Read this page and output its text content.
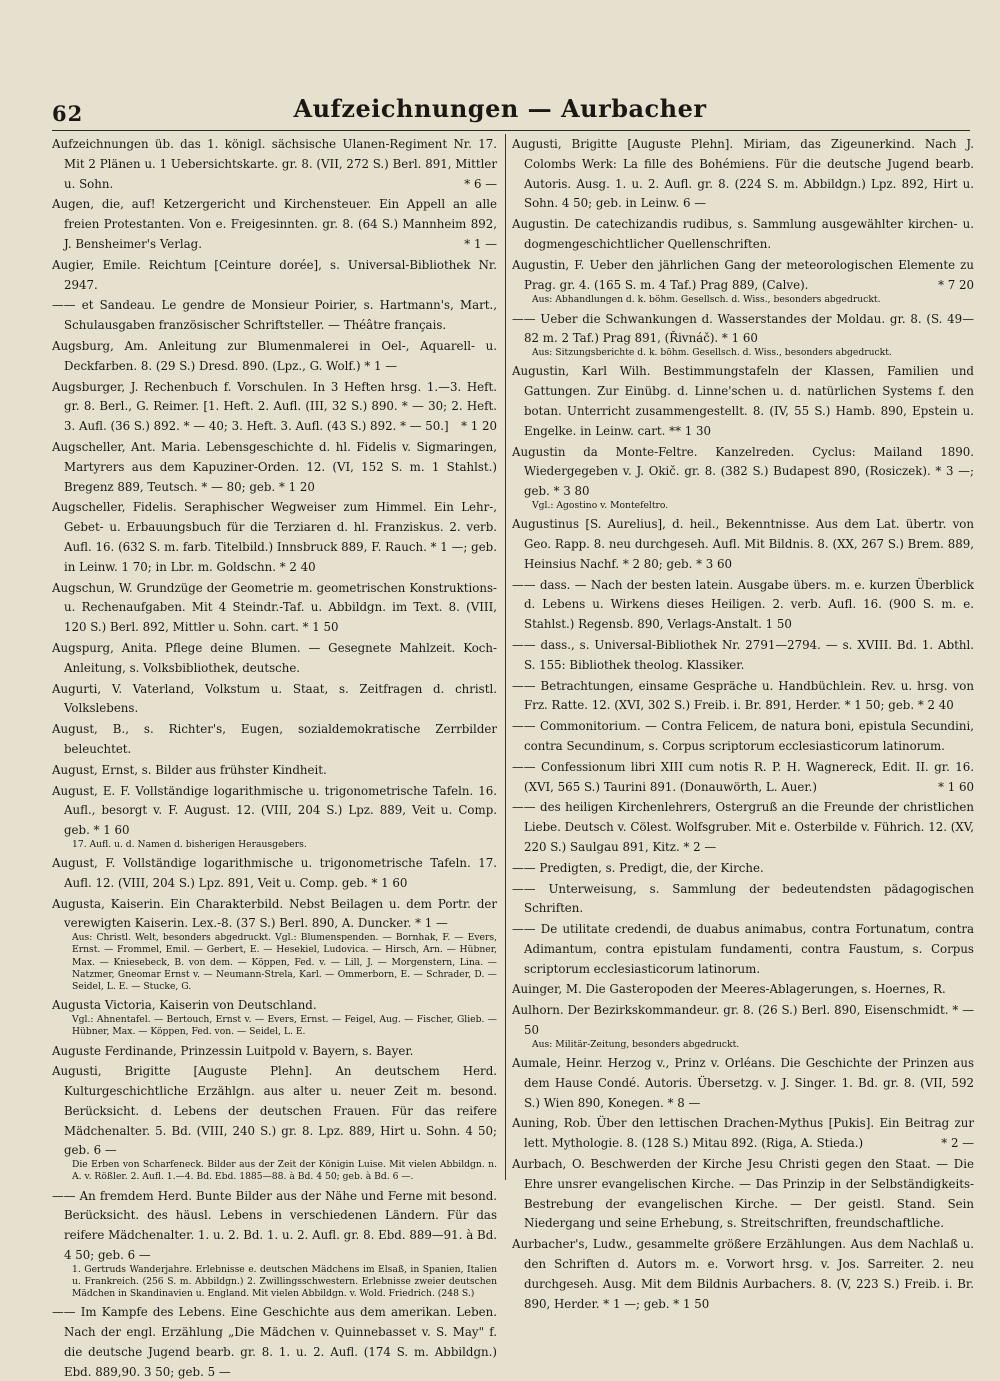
62	Aufzeichnungen — Aurbacher
Aufzeichnungen üb. das 1. königl. sächsische Ulanen-Regiment Nr. 17. Mit 2 Plänen u. 1 Uebersichtskarte. gr. 8. (VII, 272 S.) Berl. 891, Mittler u. Sohn.	* 6 —
Augen, die, auf! Ketzergericht und Kirchensteuer. Ein Appell an alle freien Protestanten. Von e. Freigesinnten. gr. 8. (64 S.) Mannheim 892, J. Bensheimer's Verlag.	* 1 —
Augier, Emile. Reichtum [Ceinture dorée], s. Universal-Bibliothek Nr. 2947.
—— et Sandeau. Le gendre de Monsieur Poirier, s. Hartmann's, Mart., Schulausgaben französischer Schriftsteller. — Théâtre français.
Augsburg, Am. Anleitung zur Blumenmalerei in Oel-, Aquarell- u. Deckfarben. 8. (29 S.) Dresd. 890. (Lpz., G. Wolf.) * 1 —
Augsburger, J. Rechenbuch f. Vorschulen. In 3 Heften hrsg. 1.—3. Heft. gr. 8. Berl., G. Reimer. [1. Heft. 2. Aufl. (III, 32 S.) 890. * — 30; 2. Heft. 3. Aufl. (36 S.) 892. * — 40; 3. Heft. 3. Aufl. (43 S.) 892. * — 50.]	* 1 20
Augscheller, Ant. Maria. Lebensgeschichte d. hl. Fidelis v. Sigmaringen, Martyrers aus dem Kapuziner-Orden. 12. (VI, 152 S. m. 1 Stahlst.) Bregenz 889, Teutsch. * — 80; geb. * 1 20
Augscheller, Fidelis. Seraphischer Wegweiser zum Himmel. Ein Lehr-, Gebet- u. Erbauungsbuch für die Terziaren d. hl. Franziskus. 2. verb. Aufl. 16. (632 S. m. farb. Titelbild.) Innsbruck 889, F. Rauch. * 1 —; geb. in Leinw. 1 70; in Lbr. m. Goldschn. * 2 40
Augschun, W. Grundzüge der Geometrie m. geometrischen Konstruktions- u. Rechenaufgaben. Mit 4 Steindr.-Taf. u. Abbildgn. im Text. 8. (VIII, 120 S.) Berl. 892, Mittler u. Sohn. cart. * 1 50
Augspurg, Anita. Pflege deine Blumen. — Gesegnete Mahlzeit. Koch-Anleitung, s. Volksbibliothek, deutsche.
Augurti, V. Vaterland, Volkstum u. Staat, s. Zeitfragen d. christl. Volkslebens.
August, B., s. Richter's, Eugen, sozialdemokratische Zerrbilder beleuchtet.
August, Ernst, s. Bilder aus frühster Kindheit.
August, E. F. Vollständige logarithmische u. trigonometrische Tafeln. 16. Aufl., besorgt v. F. August. 12. (VIII, 204 S.) Lpz. 889, Veit u. Comp. geb. * 1 60
17. Aufl. u. d. Namen d. bisherigen Herausgebers.
August, F. Vollständige logarithmische u. trigonometrische Tafeln. 17. Aufl. 12. (VIII, 204 S.) Lpz. 891, Veit u. Comp. geb. * 1 60
Augusta, Kaiserin. Ein Charakterbild. Nebst Beilagen u. dem Portr. der verewigten Kaiserin. Lex.-8. (37 S.) Berl. 890, A. Duncker. * 1 —
Aus: Christl. Welt, besonders abgedruckt. Vgl.: Blumenspenden. — Bornhak, F. — Evers, Ernst. — Frommel, Emil. — Gerbert, E. — Hesekiel, Ludovica. — Hirsch, Arn. — Hübner, Max. — Kniesebeck, B. von dem. — Köppen, Fed. v. — Lill, J. — Morgenstern, Lina. — Natzmer, Gneomar Ernst v. — Neumann-Strela, Karl. — Ommerborn, E. — Schrader, D. — Seidel, L. E. — Stucke, G.
Augusta Victoria, Kaiserin von Deutschland.
Vgl.: Ahnentafel. — Bertouch, Ernst v. — Evers, Ernst. — Feigel, Aug. — Fischer, Glieb. — Hübner, Max. — Köppen, Fed. von. — Seidel, L. E.
Auguste Ferdinande, Prinzessin Luitpold v. Bayern, s. Bayer.
Augusti, Brigitte [Auguste Plehn]. An deutschem Herd. Kulturgeschichtliche Erzählgn. aus alter u. neuer Zeit m. besond. Berücksicht. d. Lebens der deutschen Frauen. Für das reifere Mädchenalter. 5. Bd. (VIII, 240 S.) gr. 8. Lpz. 889, Hirt u. Sohn. 4 50; geb. 6 —
Die Erben von Scharfeneck. Bilder aus der Zeit der Königin Luise. Mit vielen Abbildgn. n. A. v. Rößler. 2. Aufl. 1.—4. Bd. Ebd. 1885—88. à Bd. 4 50; geb. à Bd. 6 —.
—— An fremdem Herd. Bunte Bilder aus der Nähe und Ferne mit besond. Berücksicht. des häusl. Lebens in verschiedenen Ländern. Für das reifere Mädchenalter. 1. u. 2. Bd. 1. u. 2. Aufl. gr. 8. Ebd. 889—91. à Bd. 4 50; geb. 6 —
1. Gertruds Wanderjahre. Erlebnisse e. deutschen Mädchens im Elsaß, in Spanien, Italien u. Frankreich. (256 S. m. Abbildgn.) 2. Zwillingsschwestern. Erlebnisse zweier deutschen Mädchen in Skandinavien u. England. Mit vielen Abbildgn. v. Wold. Friedrich. (248 S.)
—— Im Kampfe des Lebens. Eine Geschichte aus dem amerikan. Leben. Nach der engl. Erzählung „Die Mädchen v. Quinnebasset v. S. May" f. die deutsche Jugend bearb. gr. 8. 1. u. 2. Aufl. (174 S. m. Abbildgn.) Ebd. 889,90. 3 50; geb. 5 —
Augusti, Brigitte [Auguste Plehn]. Miriam, das Zigeunerkind. Nach J. Colombs Werk: La fille des Bohémiens. Für die deutsche Jugend bearb. Autoris. Ausg. 1. u. 2. Aufl. gr. 8. (224 S. m. Abbildgn.) Lpz. 892, Hirt u. Sohn. 4 50; geb. in Leinw. 6 —
Augustin. De catechizandis rudibus, s. Sammlung ausgewählter kirchen- u. dogmengeschichtlicher Quellenschriften.
Augustin, F. Ueber den jährlichen Gang der meteorologischen Elemente zu Prag. gr. 4. (165 S. m. 4 Taf.) Prag 889, (Calve).	* 7 20
Aus: Abhandlungen d. k. böhm. Gesellsch. d. Wiss., besonders abgedruckt.
—— Ueber die Schwankungen d. Wasserstandes der Moldau. gr. 8. (S. 49—82 m. 2 Taf.) Prag 891, (Řivnáč). * 1 60
Aus: Sitzungsberichte d. k. böhm. Gesellsch. d. Wiss., besonders abgedruckt.
Augustin, Karl Wilh. Bestimmungstafeln der Klassen, Familien und Gattungen. Zur Einübg. d. Linne'schen u. d. natürlichen Systems f. den botan. Unterricht zusammengestellt. 8. (IV, 55 S.) Hamb. 890, Epstein u. Engelke. in Leinw. cart. ** 1 30
Augustin da Monte-Feltre. Kanzelreden. Cyclus: Mailand 1890. Wiedergegeben v. J. Okič. gr. 8. (382 S.) Budapest 890, (Rosiczek). * 3 —; geb. * 3 80
Vgl.: Agostino v. Montefeltro.
Augustinus [S. Aurelius], d. heil., Bekenntnisse. Aus dem Lat. übertr. von Geo. Rapp. 8. neu durchgeseh. Aufl. Mit Bildnis. 8. (XX, 267 S.) Brem. 889, Heinsius Nachf. * 2 80; geb. * 3 60
—— dass. — Nach der besten latein. Ausgabe übers. m. e. kurzen Überblick d. Lebens u. Wirkens dieses Heiligen. 2. verb. Aufl. 16. (900 S. m. e. Stahlst.) Regensb. 890, Verlags-Anstalt. 1 50
—— dass., s. Universal-Bibliothek Nr. 2791—2794. — s. XVIII. Bd. 1. Abthl. S. 155: Bibliothek theolog. Klassiker.
—— Betrachtungen, einsame Gespräche u. Handbüchlein. Rev. u. hrsg. von Frz. Ratte. 12. (XVI, 302 S.) Freib. i. Br. 891, Herder. * 1 50; geb. * 2 40
—— Commonitorium. — Contra Felicem, de natura boni, epistula Secundini, contra Secundinum, s. Corpus scriptorum ecclesiasticorum latinorum.
—— Confessionum libri XIII cum notis R. P. H. Wagnereck, Edit. II. gr. 16. (XVI, 565 S.) Taurini 891. (Donauwörth, L. Auer.)	* 1 60
—— des heiligen Kirchenlehrers, Ostergruß an die Freunde der christlichen Liebe. Deutsch v. Cölest. Wolfsgruber. Mit e. Osterbilde v. Führich. 12. (XV, 220 S.) Saulgau 891, Kitz. * 2 —
—— Predigten, s. Predigt, die, der Kirche.
—— Unterweisung, s. Sammlung der bedeutendsten pädagogischen Schriften.
—— De utilitate credendi, de duabus animabus, contra Fortunatum, contra Adimantum, contra epistulam fundamenti, contra Faustum, s. Corpus scriptorum ecclesiasticorum latinorum.
Auinger, M. Die Gasteropoden der Meeres-Ablagerungen, s. Hoernes, R.
Aulhorn. Der Bezirkskommandeur. gr. 8. (26 S.) Berl. 890, Eisenschmidt. * — 50
Aus: Militär-Zeitung, besonders abgedruckt.
Aumale, Heinr. Herzog v., Prinz v. Orléans. Die Geschichte der Prinzen aus dem Hause Condé. Autoris. Übersetzg. v. J. Singer. 1. Bd. gr. 8. (VII, 592 S.) Wien 890, Konegen. * 8 —
Auning, Rob. Über den lettischen Drachen-Mythus [Pukis]. Ein Beitrag zur lett. Mythologie. 8. (128 S.) Mitau 892. (Riga, A. Stieda.)	* 2 —
Aurbach, O. Beschwerden der Kirche Jesu Christi gegen den Staat. — Die Ehre unsrer evangelischen Kirche. — Das Prinzip in der Selbständigkeits-Bestrebung der evangelischen Kirche. — Der geistl. Stand. Sein Niedergang und seine Erhebung, s. Streitschriften, freundschaftliche.
Aurbacher's, Ludw., gesammelte größere Erzählungen. Aus dem Nachlaß u. den Schriften d. Autors m. e. Vorwort hrsg. v. Jos. Sarreiter. 2. neu durchgeseh. Ausg. Mit dem Bildnis Aurbachers. 8. (V, 223 S.) Freib. i. Br. 890, Herder. * 1 —; geb. * 1 50
